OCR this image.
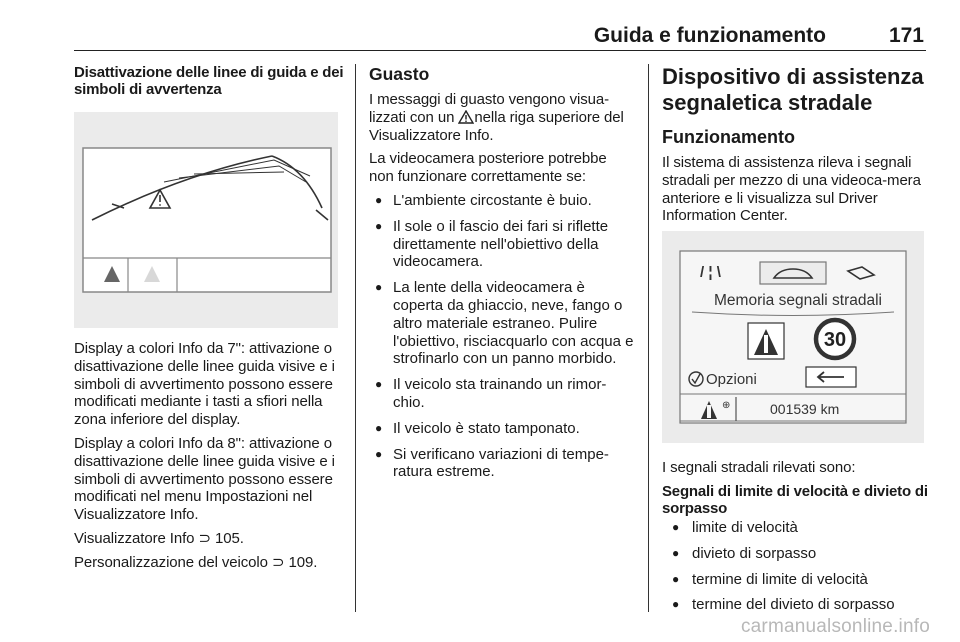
Guida e funzionamento	171
Disattivazione delle linee di guida e dei simboli di avvertenza

Display a colori Info da 7": attivazione o disattivazione delle linee guida visive e i simboli di avvertimento possono essere modificati mediante i tasti a sfiori nella zona inferiore del display.

Display a colori Info da 8": attivazione o disattivazione delle linee guida visive e i simboli di avvertimento possono essere modificati nel menu Impostazioni nel Visualizzatore Info.

Visualizzatore Info ⊃ 105.

Personalizzazione del veicolo ⊃ 109.

Guasto

I messaggi di guasto vengono visua-lizzati con un nella riga superiore del Visualizzatore Info.

La videocamera posteriore potrebbe non funzionare correttamente se:

● L'ambiente circostante è buio.
● Il sole o il fascio dei fari si riflette direttamente nell'obiettivo della videocamera.
● La lente della videocamera è coperta da ghiaccio, neve, fango o altro materiale estraneo. Pulire l'obiettivo, risciacquarlo con acqua e strofinarlo con un panno morbido.
● Il veicolo sta trainando un rimor-chio.
● Il veicolo è stato tamponato.
● Si verificano variazioni di tempe-ratura estreme.
Dispositivo di assistenza segnaletica stradale
Funzionamento

Il sistema di assistenza rileva i segnali stradali per mezzo di una videoca-mera anteriore e li visualizza sul Driver Information Center.

/ ¦ \
Memoria segnali stradali
30
Opzioni
⊕	001539 km

I segnali stradali rilevati sono:

Segnali di limite di velocità e divieto di sorpasso
● limite di velocità
● divieto di sorpasso
● termine di limite di velocità
● termine del divieto di sorpasso
carmanualsonline.info
